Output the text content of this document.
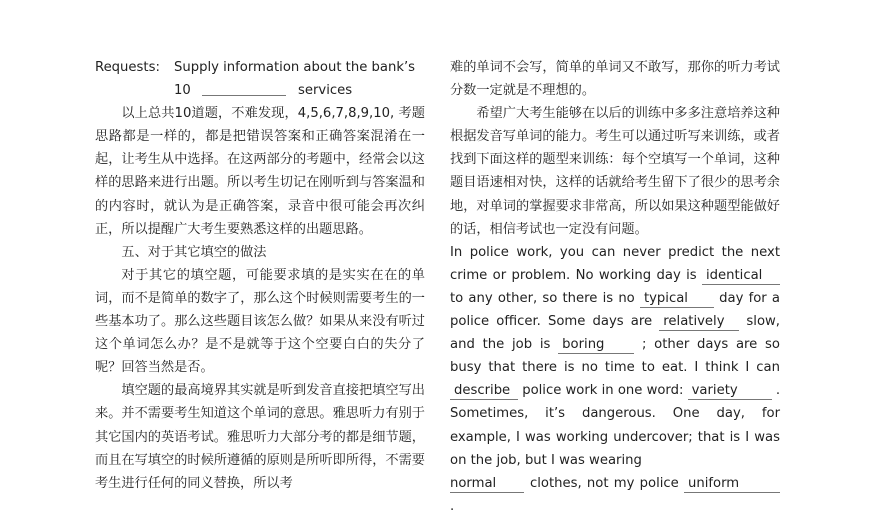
Requests: Supply information about the bank’s
10	services

以上总共10道题，不难发现，4,5,6,7,8,9,10, 考题思路都是一样的，都是把错误答案和正确答案混淆在一起，让考生从中选择。在这两部分的考题中，经常会以这样的思路来进行出题。所以考生切记在刚听到与答案温和的内容时，就认为是正确答案，录音中很可能会再次纠正，所以提醒广大考生要熟悉这样的出题思路。

五、对于其它填空的做法

对于其它的填空题，可能要求填的是实实在在的单词，而不是简单的数字了，那么这个时候则需要考生的一些基本功了。那么这些题目该怎么做？如果从来没有听过这个单词怎么办？是不是就等于这个空要白白的失分了呢？回答当然是否。

填空题的最高境界其实就是听到发音直接把填空写出来。并不需要考生知道这个单词的意思。雅思听力有别于其它国内的英语考试。雅思听力大部分考的都是细节题，而且在写填空的时候所遵循的原则是所听即所得，不需要考生进行任何的同义替换，所以考

难的单词不会写，简单的单词又不敢写，那你的听力考试分数一定就是不理想的。

希望广大考生能够在以后的训练中多多注意培养这种根据发音写单词的能力。考生可以通过听写来训练，或者找到下面这样的题型来训练：每个空填写一个单词，这种题目语速相对快，这样的话就给考生留下了很少的思考余地，对单词的掌握要求非常高，所以如果这种题型能做好的话，相信考试也一定没有问题。

In police work, you can never predict the next crime or problem. No working day is identical to any other, so there is no typical day for a police officer. Some days are relatively slow, and the job is boring ; other days are so busy that there is no time to eat. I think I can describe police work in one word: variety	. Sometimes, it’s dangerous. One day, for example, I was working undercover; that is I was on the job, but I was wearing
normal	clothes, not my police uniform .
